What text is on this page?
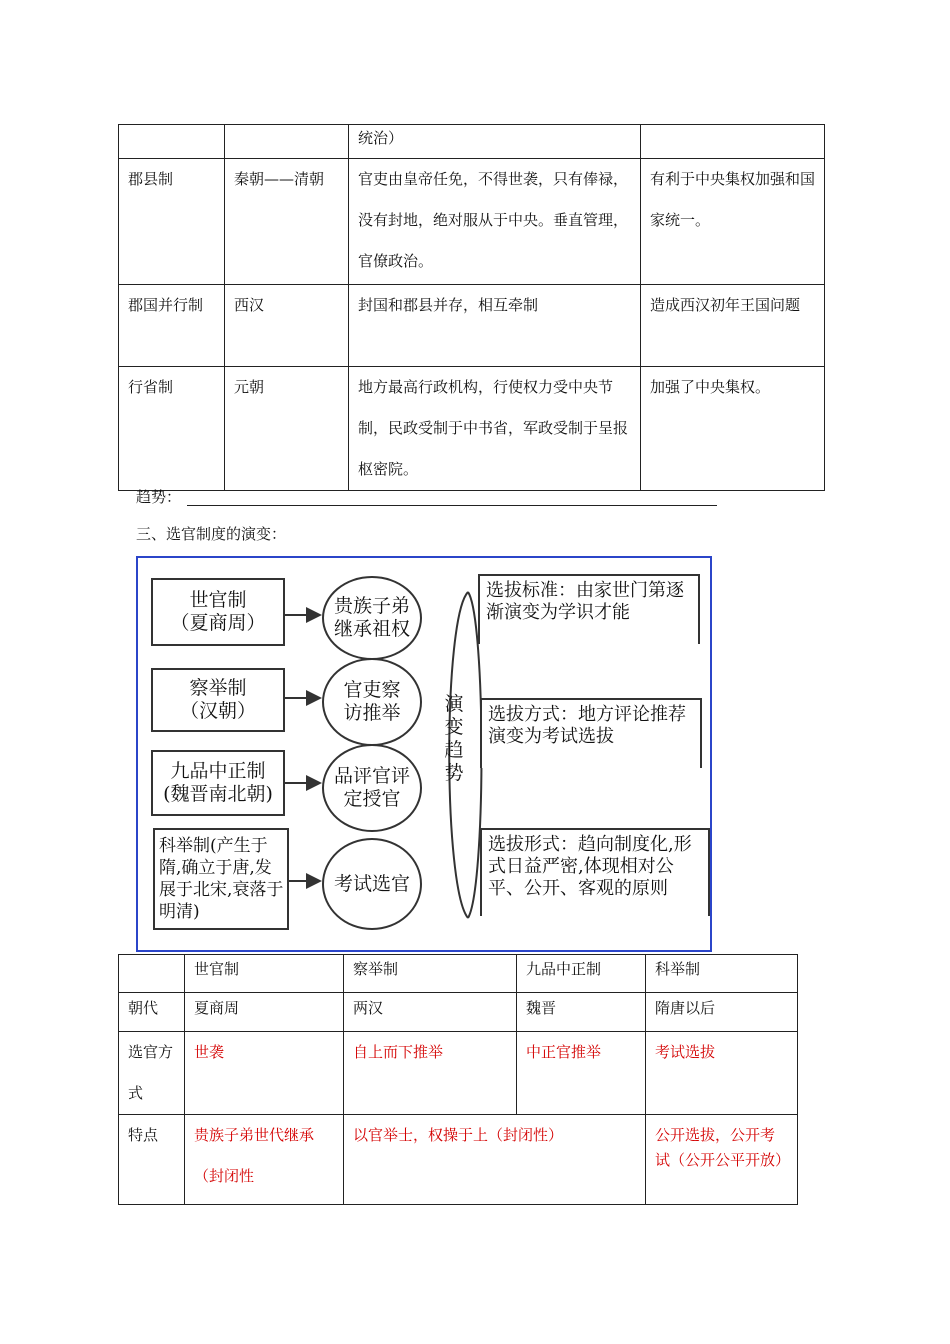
		统治）	
郡县制	秦朝——清朝	官吏由皇帝任免，不得世袭，只有俸禄，没有封地，绝对服从于中央。垂直管理，官僚政治。	有利于中央集权加强和国家统一。
郡国并行制	西汉	封国和郡县并存，相互牵制	造成西汉初年王国问题
行省制	元朝	地方最高行政机构，行使权力受中央节制，民政受制于中书省，军政受制于呈报枢密院。	加强了中央集权。
趋势：
三、选官制度的演变：
世官制
（夏商周）
察举制
（汉朝）
九品中正制
(魏晋南北朝)
科举制(产生于隋,确立于唐,发展于北宋,衰落于明清)
贵族子弟继承祖权
官吏察访推举
品评官评定授官
考试选官
演变趋势
选拔标准：由家世门第逐渐演变为学识才能
选拔方式：地方评论推荐演变为考试选拔
选拔形式：趋向制度化,形式日益严密,体现相对公平、公开、客观的原则
	世官制	察举制	九品中正制	科举制
朝代	夏商周	两汉	魏晋	隋唐以后
选官方式	世袭	自上而下推举	中正官推举	考试选拔
特点	贵族子弟世代继承（封闭性	以官举士，权操于上（封闭性）		公开选拔，公开考试（公开公平开放）
